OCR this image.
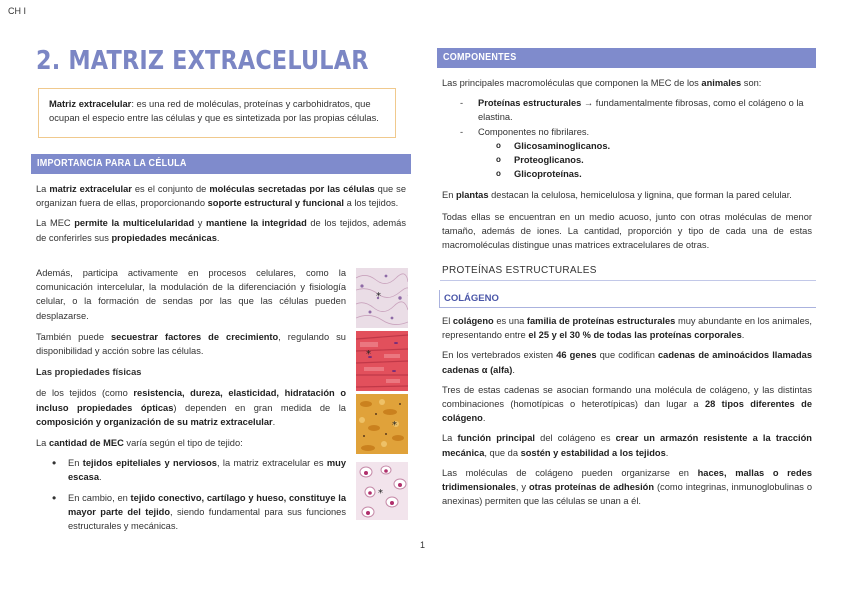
CH I
2. MATRIZ EXTRACELULAR
Matriz extracelular: es una red de moléculas, proteínas y carbohidratos, que ocupan el especio entre las células y que es sintetizada por las propias células.
IMPORTANCIA PARA LA CÉLULA

La matriz extracelular es el conjunto de moléculas secretadas por las células que se organizan fuera de ellas, proporcionando soporte estructural y funcional a los tejidos.

La MEC permite la multicelularidad y mantiene la integridad de los tejidos, además de conferirles sus propiedades mecánicas.

Además, participa activamente en procesos celulares, como la comunicación intercelular, la modulación de la diferenciación y fisiología celular, o la formación de sendas por las que las células pueden desplazarse.

También puede secuestrar factores de crecimiento, regulando su disponibilidad y acción sobre las células.

Las propiedades físicas

de los tejidos (como resistencia, dureza, elasticidad, hidratación o incluso propiedades ópticas) dependen en gran medida de la composición y organización de su matriz extracelular.

La cantidad de MEC varía según el tipo de tejido:

• En tejidos epiteliales y nerviosos, la matriz extracelular es muy escasa.
• En cambio, en tejido conectivo, cartílago y hueso, constituye la mayor parte del tejido, siendo fundamental para sus funciones estructurales y mecánicas.
*
*
*
*
COMPONENTES

Las principales macromoléculas que componen la MEC de los animales son:

- Proteínas estructurales → fundamentalmente fibrosas, como el colágeno o la elastina.
- Componentes no fibrilares.
o Glicosaminoglicanos.
o Proteoglicanos.
o Glicoproteínas.

En plantas destacan la celulosa, hemicelulosa y lignina, que forman la pared celular.

Todas ellas se encuentran en un medio acuoso, junto con otras moléculas de menor tamaño, además de iones. La cantidad, proporción y tipo de cada una de estas macromoléculas distingue unas matrices extracelulares de otras.

PROTEÍNAS ESTRUCTURALES
COLÁGENO

El colágeno es una familia de proteínas estructurales muy abundante en los animales, representando entre el 25 y el 30 % de todas las proteínas corporales.

En los vertebrados existen 46 genes que codifican cadenas de aminoácidos llamadas cadenas α (alfa).

Tres de estas cadenas se asocian formando una molécula de colágeno, y las distintas combinaciones (homotípicas o heterotípicas) dan lugar a 28 tipos diferentes de colágeno.

La función principal del colágeno es crear un armazón resistente a la tracción mecánica, que da sostén y estabilidad a los tejidos.

Las moléculas de colágeno pueden organizarse en haces, mallas o redes tridimensionales, y otras proteínas de adhesión (como integrinas, inmunoglobulinas o anexinas) permiten que las células se unan a él.

1
